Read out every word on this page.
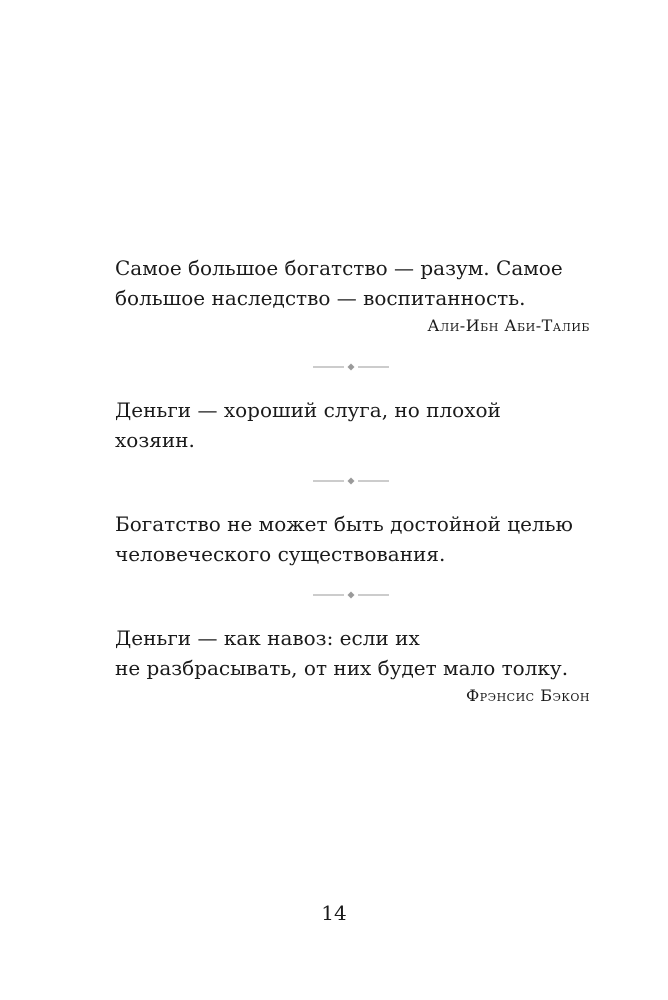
Самое большое богатство — разум. Самое
большое наследство — воспитанность.

Али-Ибн Аби-Талиб

Деньги — хороший слуга, но плохой
хозяин.

Богатство не может быть достойной целью
человеческого существования.

Деньги — как навоз: если их
не разбрасывать, от них будет мало толку.

Фрэнсис Бэкон
14
